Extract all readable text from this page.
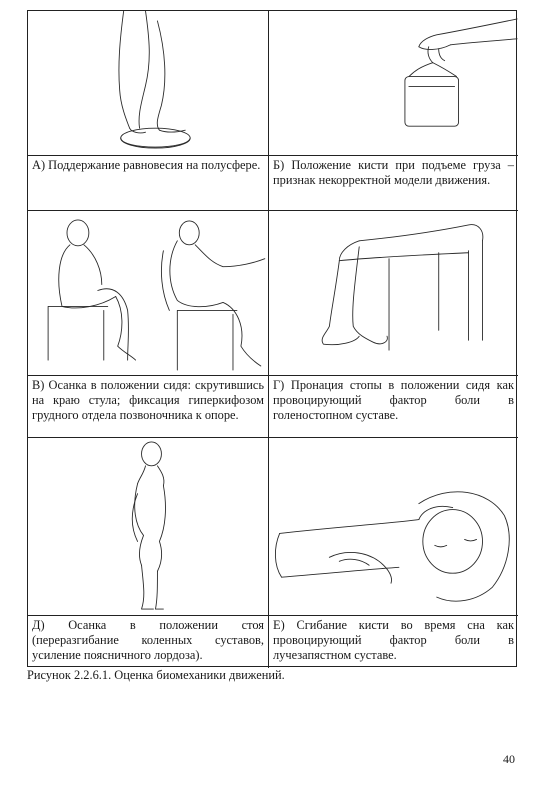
А) Поддержание равновесия на полусфере.	Б) Положение кисти при подъеме груза – признак некорректной модели движения.
В) Осанка в положении сидя: скрутившись на краю стула; фиксация гиперкифозом грудного отдела позвоночника к опоре.
Г) Пронация стопы в положении сидя как провоцирующий фактор боли в голеностопном суставе.
Д) Осанка в положении стоя (переразгибание коленных суставов, усиление поясничного лордоза).
Е) Сгибание кисти во время сна как провоцирующий фактор боли в лучезапястном суставе.
Рисунок 2.2.6.1. Оценка биомеханики движений.
40
